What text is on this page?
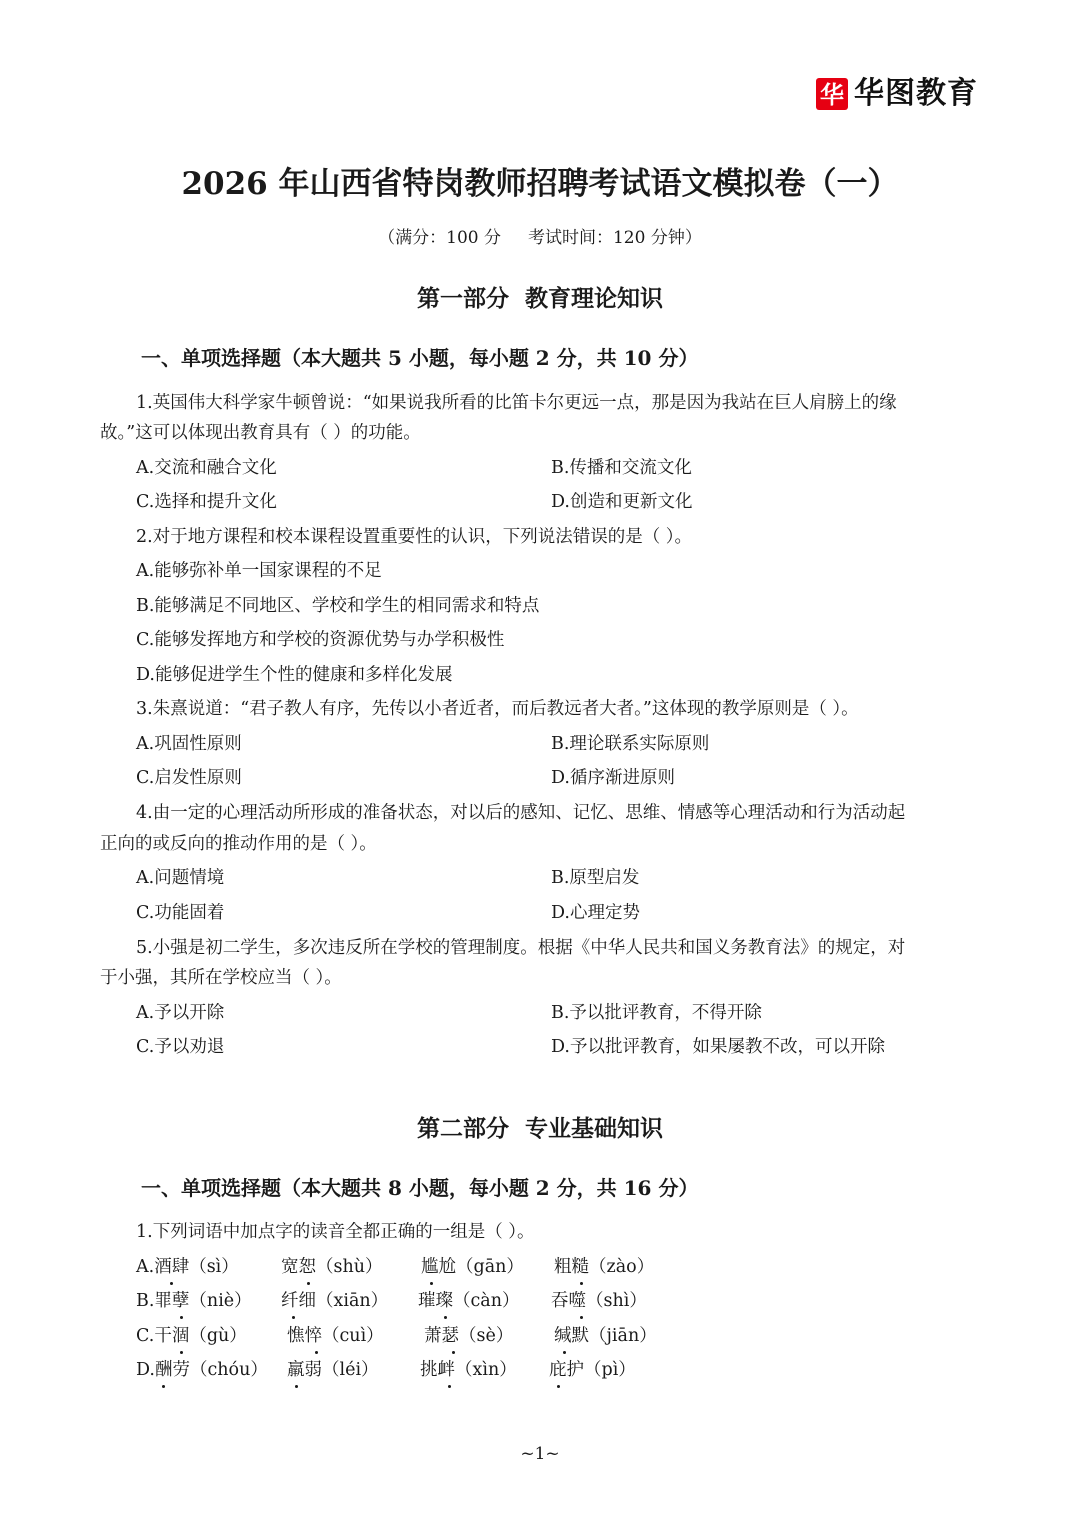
华 华图教育
2026 年山西省特岗教师招聘考试语文模拟卷（一）
（满分：100 分     考试时间：120 分钟）
第一部分  教育理论知识
一、单项选择题（本大题共 5 小题，每小题 2 分，共 10 分）
1.英国伟大科学家牛顿曾说：“如果说我所看的比笛卡尔更远一点，那是因为我站在巨人肩膀上的缘
故。”这可以体现出教育具有（ ）的功能。
A.交流和融合文化	B.传播和交流文化
C.选择和提升文化	D.创造和更新文化
2.对于地方课程和校本课程设置重要性的认识，下列说法错误的是（ ）。
A.能够弥补单一国家课程的不足
B.能够满足不同地区、学校和学生的相同需求和特点
C.能够发挥地方和学校的资源优势与办学积极性
D.能够促进学生个性的健康和多样化发展
3.朱熹说道：“君子教人有序，先传以小者近者，而后教远者大者。”这体现的教学原则是（ ）。
A.巩固性原则	B.理论联系实际原则
C.启发性原则	D.循序渐进原则
4.由一定的心理活动所形成的准备状态，对以后的感知、记忆、思维、情感等心理活动和行为活动起
正向的或反向的推动作用的是（ ）。
A.问题情境	B.原型启发
C.功能固着	D.心理定势
5.小强是初二学生，多次违反所在学校的管理制度。根据《中华人民共和国义务教育法》的规定，对
于小强，其所在学校应当（ ）。
A.予以开除	B.予以批评教育，不得开除
C.予以劝退	D.予以批评教育，如果屡教不改，可以开除
第二部分  专业基础知识
一、单项选择题（本大题共 8 小题，每小题 2 分，共 16 分）
1.下列词语中加点字的读音全都正确的一组是（ ）。
A.酒肆（sì） 宽恕（shù） 尴尬（gān） 粗糙（zào）
B.罪孽（niè） 纤细（xiān） 璀璨（càn） 吞噬（shì）
C.干涸（gù） 憔悴（cuì） 萧瑟（sè） 缄默（jiān）
D.酬劳（chóu） 羸弱（léi） 挑衅（xìn） 庇护（pì）
~1~
